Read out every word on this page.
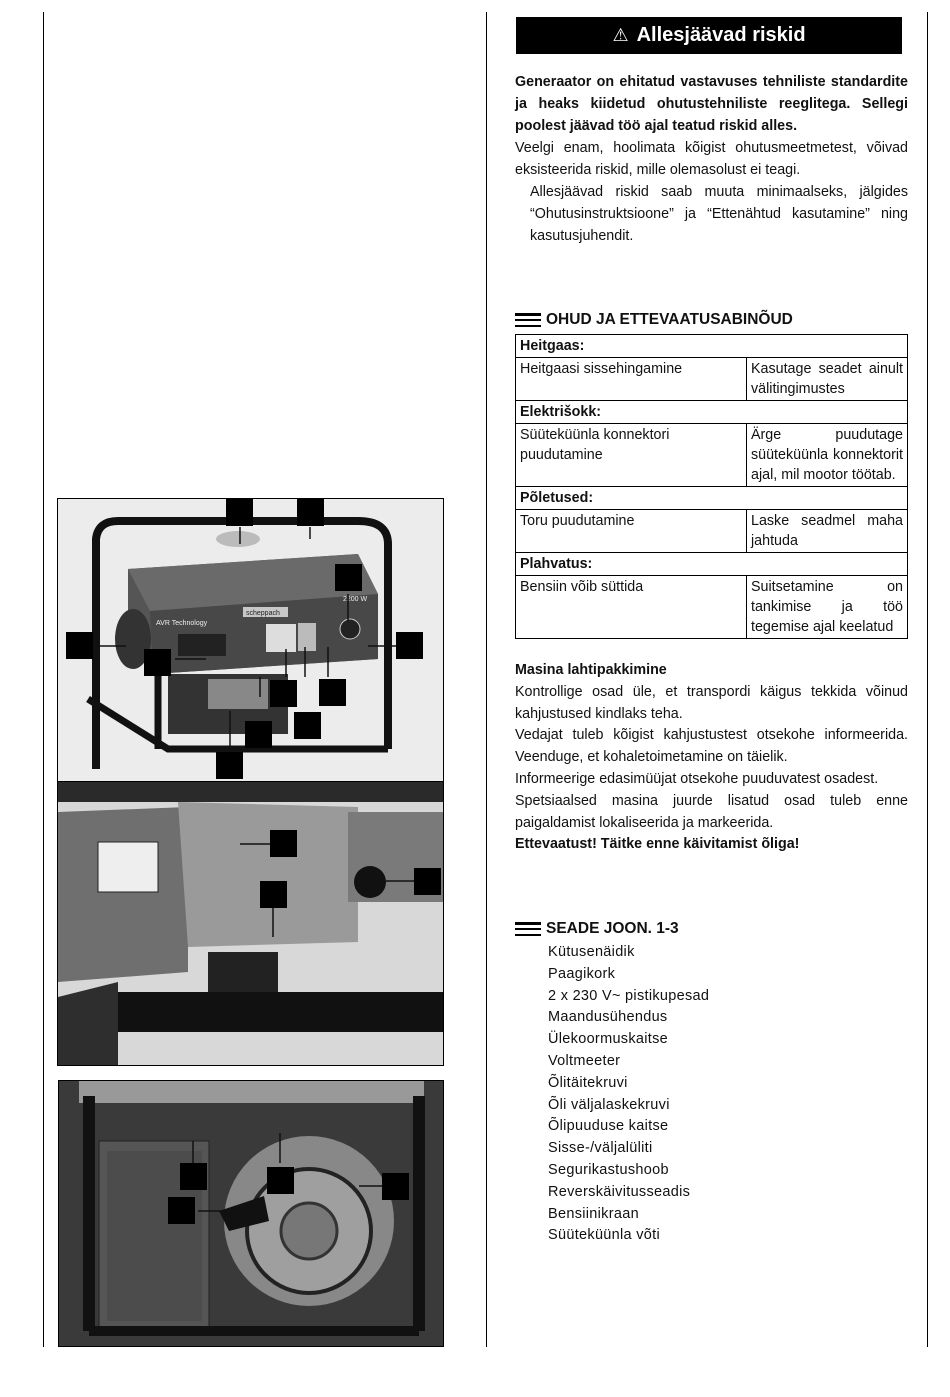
scheppach
AVR Technology
2200 W
⚠ Allesjäävad riskid

Generaator on ehitatud vastavuses tehniliste standardite ja heaks kiidetud ohutustehniliste reeglitega. Sellegi poolest jäävad töö ajal teatud riskid alles.

Veelgi enam, hoolimata kõigist ohutusmeetmetest, võivad eksisteerida riskid, mille olemasolust ei teagi.

Allesjäävad riskid saab muuta minimaalseks, jälgides “Ohutusinstruktsioone” ja “Ettenähtud kasutamine” ning kasutusjuhendit.

OHUD JA ETTEVAATUSABINÕUD
Heitgaas:	
Heitgaasi sissehingamine	Kasutage seadet ainult välitingimustes
Elektrišokk:	
Süüteküünla konnektori puudutamine	Ärge puudutage süüteküünla konnektorit ajal, mil mootor töötab.
Põletused:	
Toru puudutamine	Laske seadmel maha jahtuda
Plahvatus:	
Bensiin võib süttida	Suitsetamine on tankimise ja töö tegemise ajal keelatud

Masina lahtipakkimine

Kontrollige osad üle, et transpordi käigus tekkida võinud kahjustused kindlaks teha.

Vedajat tuleb kõigist kahjustustest otsekohe informeerida. Veenduge, et kohaletoimetamine on täielik.

Informeerige edasimüüjat otsekohe puuduvatest osadest.

Spetsiaalsed masina juurde lisatud osad tuleb enne paigaldamist lokaliseerida ja markeerida.

Ettevaatust! Täitke enne käivitamist õliga!

SEADE JOON. 1-3
Kütusenäidik
Paagikork
2 x 230 V~ pistikupesad
Maandusühendus
Ülekoormuskaitse
Voltmeeter
Õlitäitekruvi
Õli väljalaskekruvi
Õlipuuduse kaitse
Sisse-/väljalüliti
Segurikastushoob
Reverskäivitusseadis
Bensiinikraan
Süüteküünla võti
